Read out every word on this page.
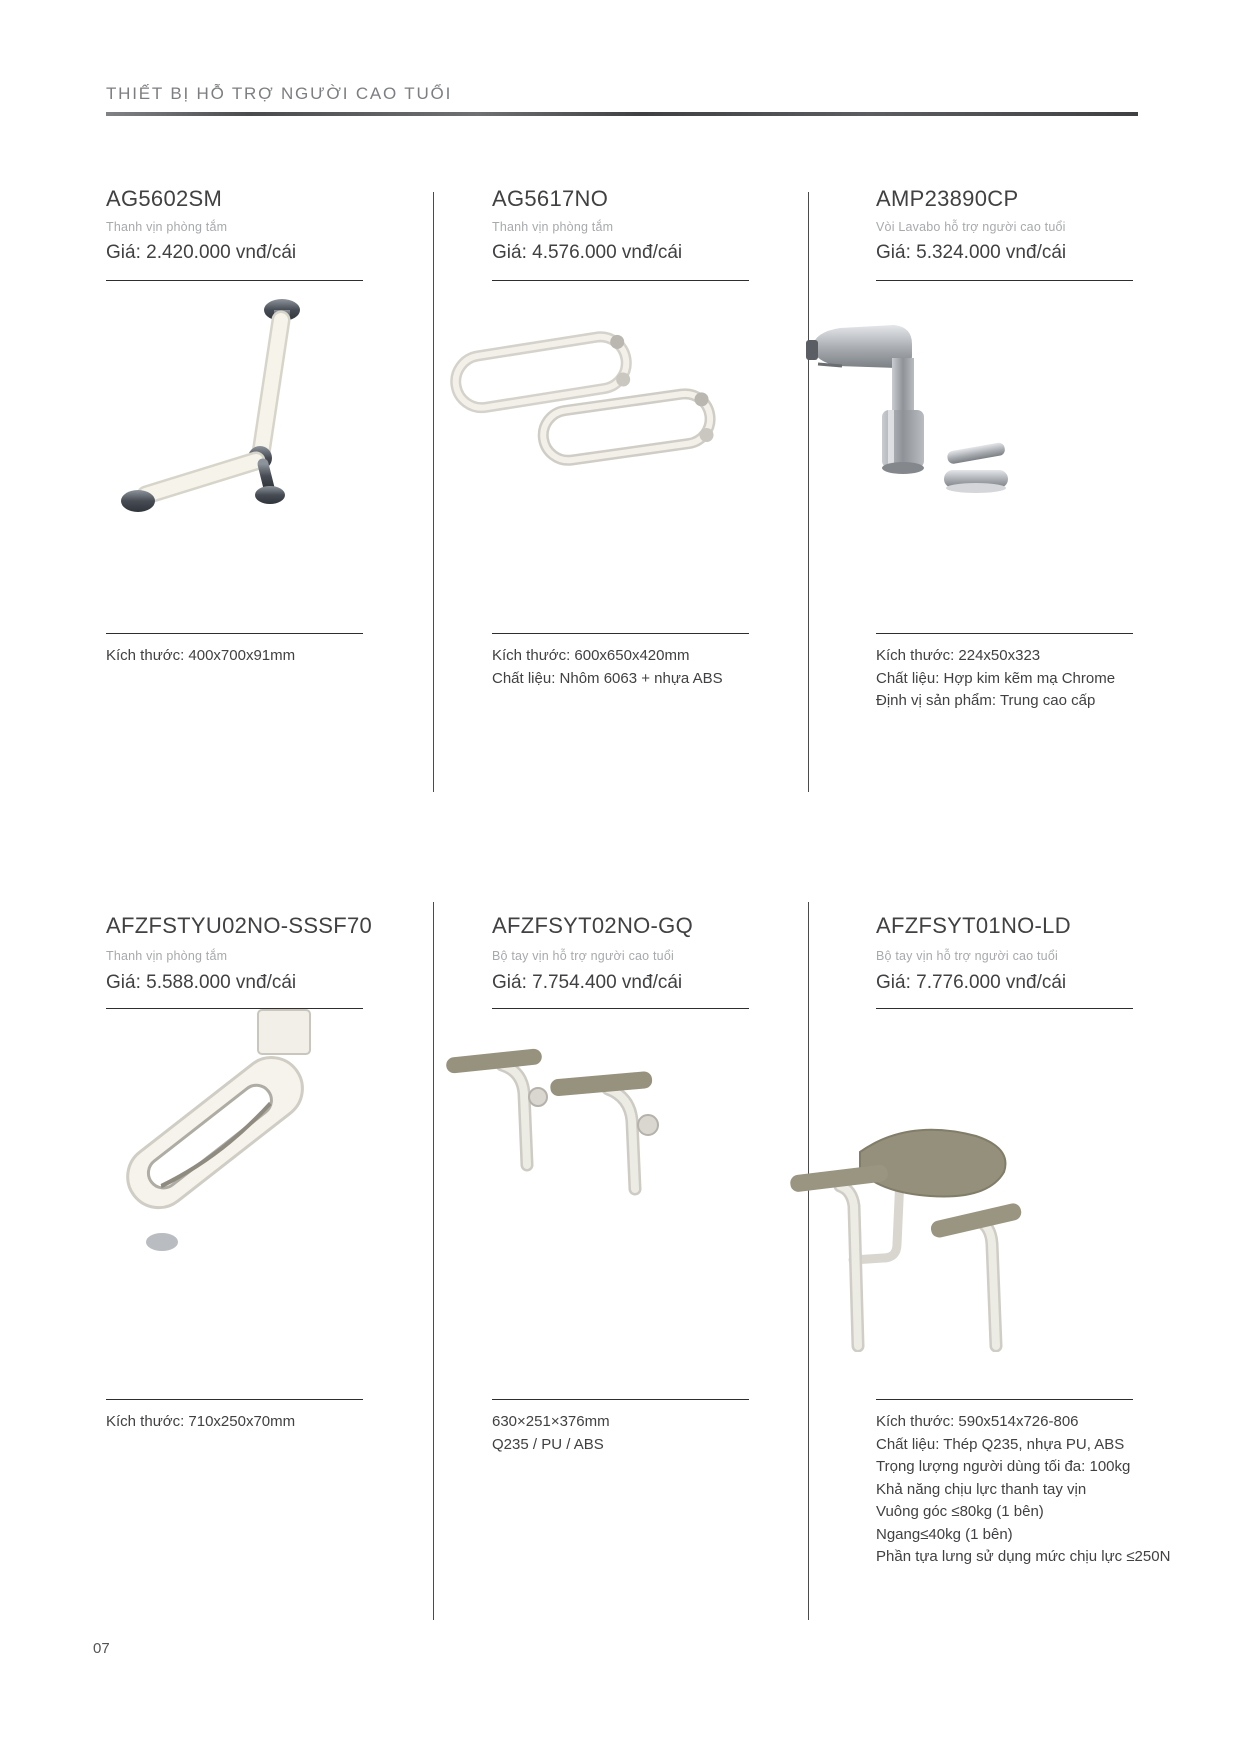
THIẾT BỊ HỖ TRỢ NGƯỜI CAO TUỔI
AG5602SM
Thanh vịn phòng tắm
Giá: 2.420.000 vnđ/cái
Kích thước: 400x700x91mm
AG5617NO
Thanh vịn phòng tắm
Giá: 4.576.000 vnđ/cái
Kích thước: 600x650x420mm
Chất liệu: Nhôm 6063 + nhựa ABS
AMP23890CP
Vòi Lavabo hỗ trợ người cao tuổi
Giá: 5.324.000 vnđ/cái
Kích thước: 224x50x323
Chất liệu: Hợp kim kẽm mạ Chrome
Định vị sản phẩm: Trung cao cấp
AFZFSTYU02NO-SSSF70
Thanh vịn phòng tắm
Giá: 5.588.000 vnđ/cái
Kích thước: 710x250x70mm
AFZFSYT02NO-GQ
Bộ tay vịn hỗ trợ người cao tuổi
Giá: 7.754.400 vnđ/cái
630×251×376mm
Q235 / PU / ABS
AFZFSYT01NO-LD
Bộ tay vịn hỗ trợ người cao tuổi
Giá: 7.776.000 vnđ/cái
Kích thước: 590x514x726-806
Chất liệu: Thép Q235, nhựa PU, ABS
Trọng lượng người dùng tối đa: 100kg
Khả năng chịu lực thanh tay vịn
Vuông góc ≤80kg (1 bên)
Ngang≤40kg (1 bên)
Phần tựa lưng sử dụng mức chịu lực ≤250N
07
